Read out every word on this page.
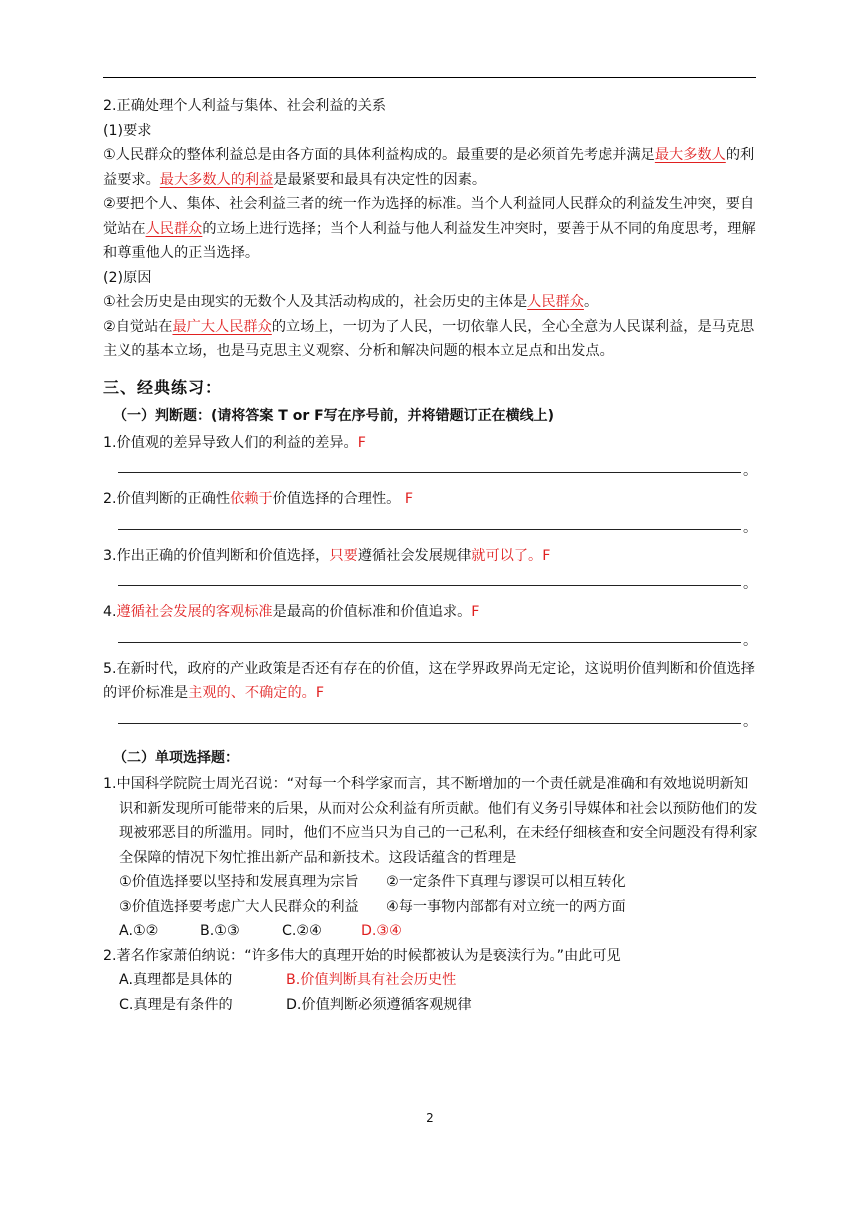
2.正确处理个人利益与集体、社会利益的关系

(1)要求

①人民群众的整体利益总是由各方面的具体利益构成的。最重要的是必须首先考虑并满足最大多数人的利益要求。最大多数人的利益是最紧要和最具有决定性的因素。

②要把个人、集体、社会利益三者的统一作为选择的标准。当个人利益同人民群众的利益发生冲突，要自觉站在人民群众的立场上进行选择；当个人利益与他人利益发生冲突时，要善于从不同的角度思考，理解和尊重他人的正当选择。

(2)原因

①社会历史是由现实的无数个人及其活动构成的，社会历史的主体是人民群众。

②自觉站在最广大人民群众的立场上，一切为了人民，一切依靠人民，全心全意为人民谋利益，是马克思主义的基本立场，也是马克思主义观察、分析和解决问题的根本立足点和出发点。

三、经典练习：
（一）判断题：(请将答案 T or F写在序号前，并将错题订正在横线上)

1.价值观的差异导致人们的利益的差异。F

。

2.价值判断的正确性依赖于价值选择的合理性。 F

。

3.作出正确的价值判断和价值选择，只要遵循社会发展规律就可以了。F

。

4.遵循社会发展的客观标准是最高的价值标准和价值追求。F

。

5.在新时代，政府的产业政策是否还有存在的价值，这在学界政界尚无定论，这说明价值判断和价值选择的评价标准是主观的、不确定的。F

。
（二）单项选择题：

1.中国科学院院士周光召说：“对每一个科学家而言，其不断增加的一个责任就是准确和有效地说明新知识和新发现所可能带来的后果，从而对公众利益有所贡献。他们有义务引导媒体和社会以预防他们的发现被邪恶目的所滥用。同时，他们不应当只为自己的一己私利，在未经仔细核查和安全问题没有得利家全保障的情况下匆忙推出新产品和新技术。这段话蕴含的哲理是

①价值选择要以坚持和发展真理为宗旨	②一定条件下真理与谬误可以相互转化
③价值选择要考虑广大人民群众的利益	④每一事物内部都有对立统一的两方面
A.①②	B.①③	C.②④	D.③④

2.著名作家萧伯纳说：“许多伟大的真理开始的时候都被认为是亵渎行为。”由此可见

A.真理都是具体的	B.价值判断具有社会历史性
C.真理是有条件的	D.价值判断必须遵循客观规律
2
